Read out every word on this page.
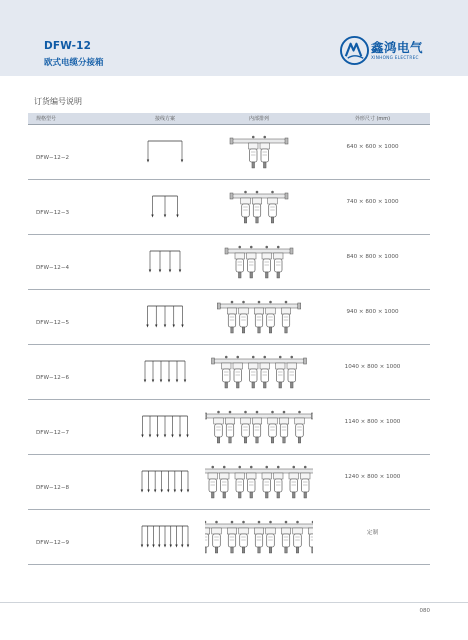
DFW-12
欧式电缆分接箱
鑫鸿电气
XINHONG ELECTREC
订货编号说明
规格型号	接线方案	内部排列	外形尺寸 (mm)
DFW−12−2			640 × 600 × 1000
DFW−12−3			740 × 600 × 1000
DFW−12−4			840 × 800 × 1000
DFW−12−5			940 × 800 × 1000
DFW−12−6			1040 × 800 × 1000
DFW−12−7			1140 × 800 × 1000
DFW−12−8			1240 × 800 × 1000
DFW−12−9			定制
080
